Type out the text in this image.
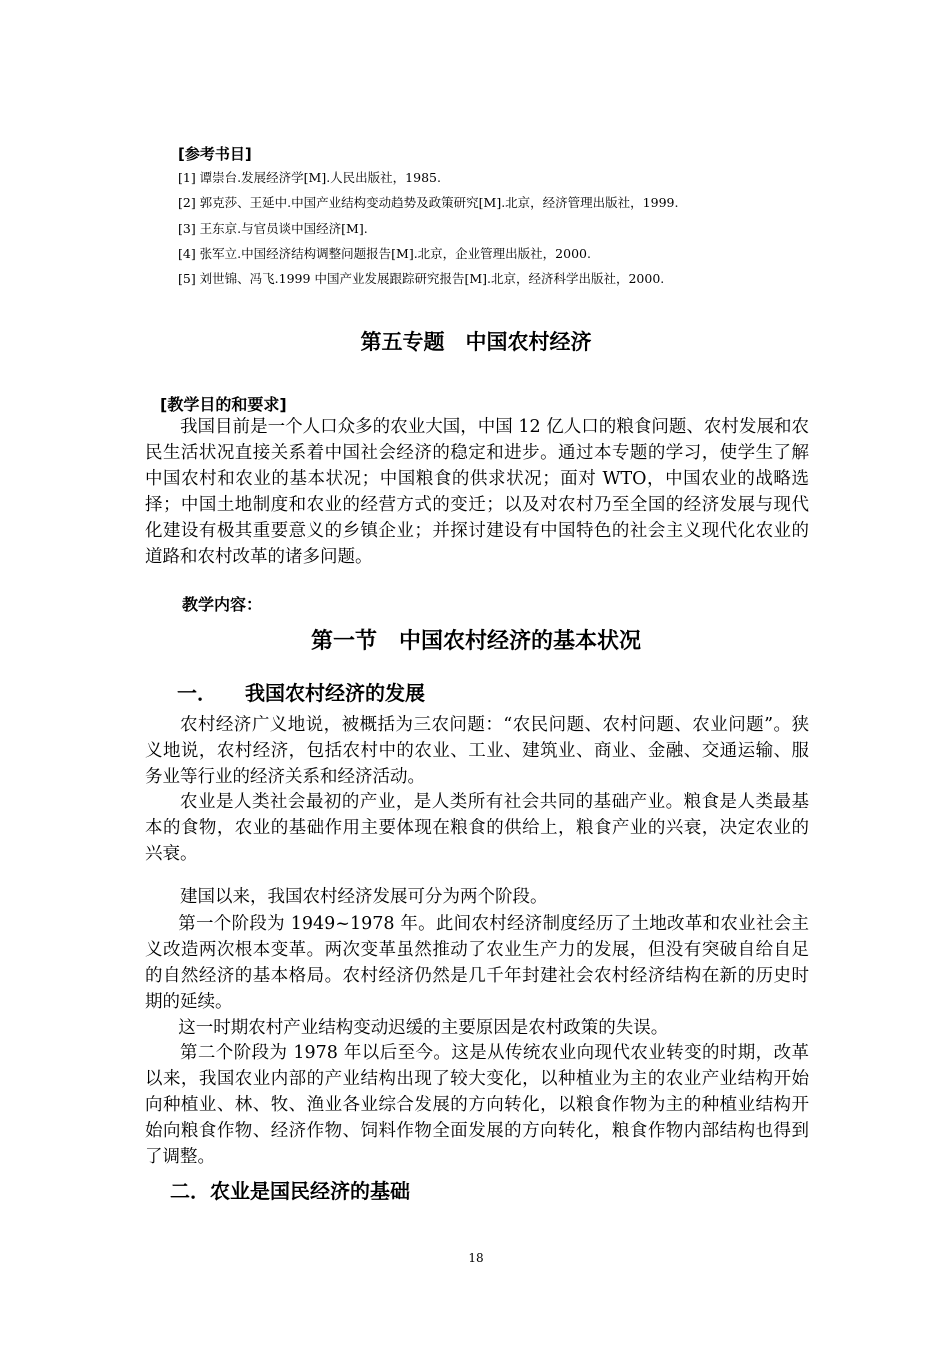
[参考书目]

[1] 谭崇台.发展经济学[M].人民出版社，1985.

[2] 郭克莎、王延中.中国产业结构变动趋势及政策研究[M].北京，经济管理出版社，1999.

[3] 王东京.与官员谈中国经济[M].

[4] 张军立.中国经济结构调整问题报告[M].北京，企业管理出版社，2000.

[5] 刘世锦、冯飞.1999 中国产业发展跟踪研究报告[M].北京，经济科学出版社，2000.

第五专题　中国农村经济

[教学目的和要求]

我国目前是一个人口众多的农业大国，中国 12 亿人口的粮食问题、农村发展和农民生活状况直接关系着中国社会经济的稳定和进步。通过本专题的学习，使学生了解中国农村和农业的基本状况；中国粮食的供求状况；面对 WTO，中国农业的战略选择；中国土地制度和农业的经营方式的变迁；以及对农村乃至全国的经济发展与现代化建设有极其重要意义的乡镇企业；并探讨建设有中国特色的社会主义现代化农业的道路和农村改革的诸多问题。

教学内容：

第一节　中国农村经济的基本状况
一． 我国农村经济的发展

农村经济广义地说，被概括为三农问题：“农民问题、农村问题、农业问题”。狭义地说，农村经济，包括农村中的农业、工业、建筑业、商业、金融、交通运输、服务业等行业的经济关系和经济活动。

农业是人类社会最初的产业，是人类所有社会共同的基础产业。粮食是人类最基本的食物，农业的基础作用主要体现在粮食的供给上，粮食产业的兴衰，决定农业的兴衰。

建国以来，我国农村经济发展可分为两个阶段。

第一个阶段为 1949~1978 年。此间农村经济制度经历了土地改革和农业社会主义改造两次根本变革。两次变革虽然推动了农业生产力的发展，但没有突破自给自足的自然经济的基本格局。农村经济仍然是几千年封建社会农村经济结构在新的历史时期的延续。

这一时期农村产业结构变动迟缓的主要原因是农村政策的失误。

第二个阶段为 1978 年以后至今。这是从传统农业向现代农业转变的时期，改革以来，我国农业内部的产业结构出现了较大变化，以种植业为主的农业产业结构开始向种植业、林、牧、渔业各业综合发展的方向转化，以粮食作物为主的种植业结构开始向粮食作物、经济作物、饲料作物全面发展的方向转化，粮食作物内部结构也得到了调整。

二．农业是国民经济的基础

18
